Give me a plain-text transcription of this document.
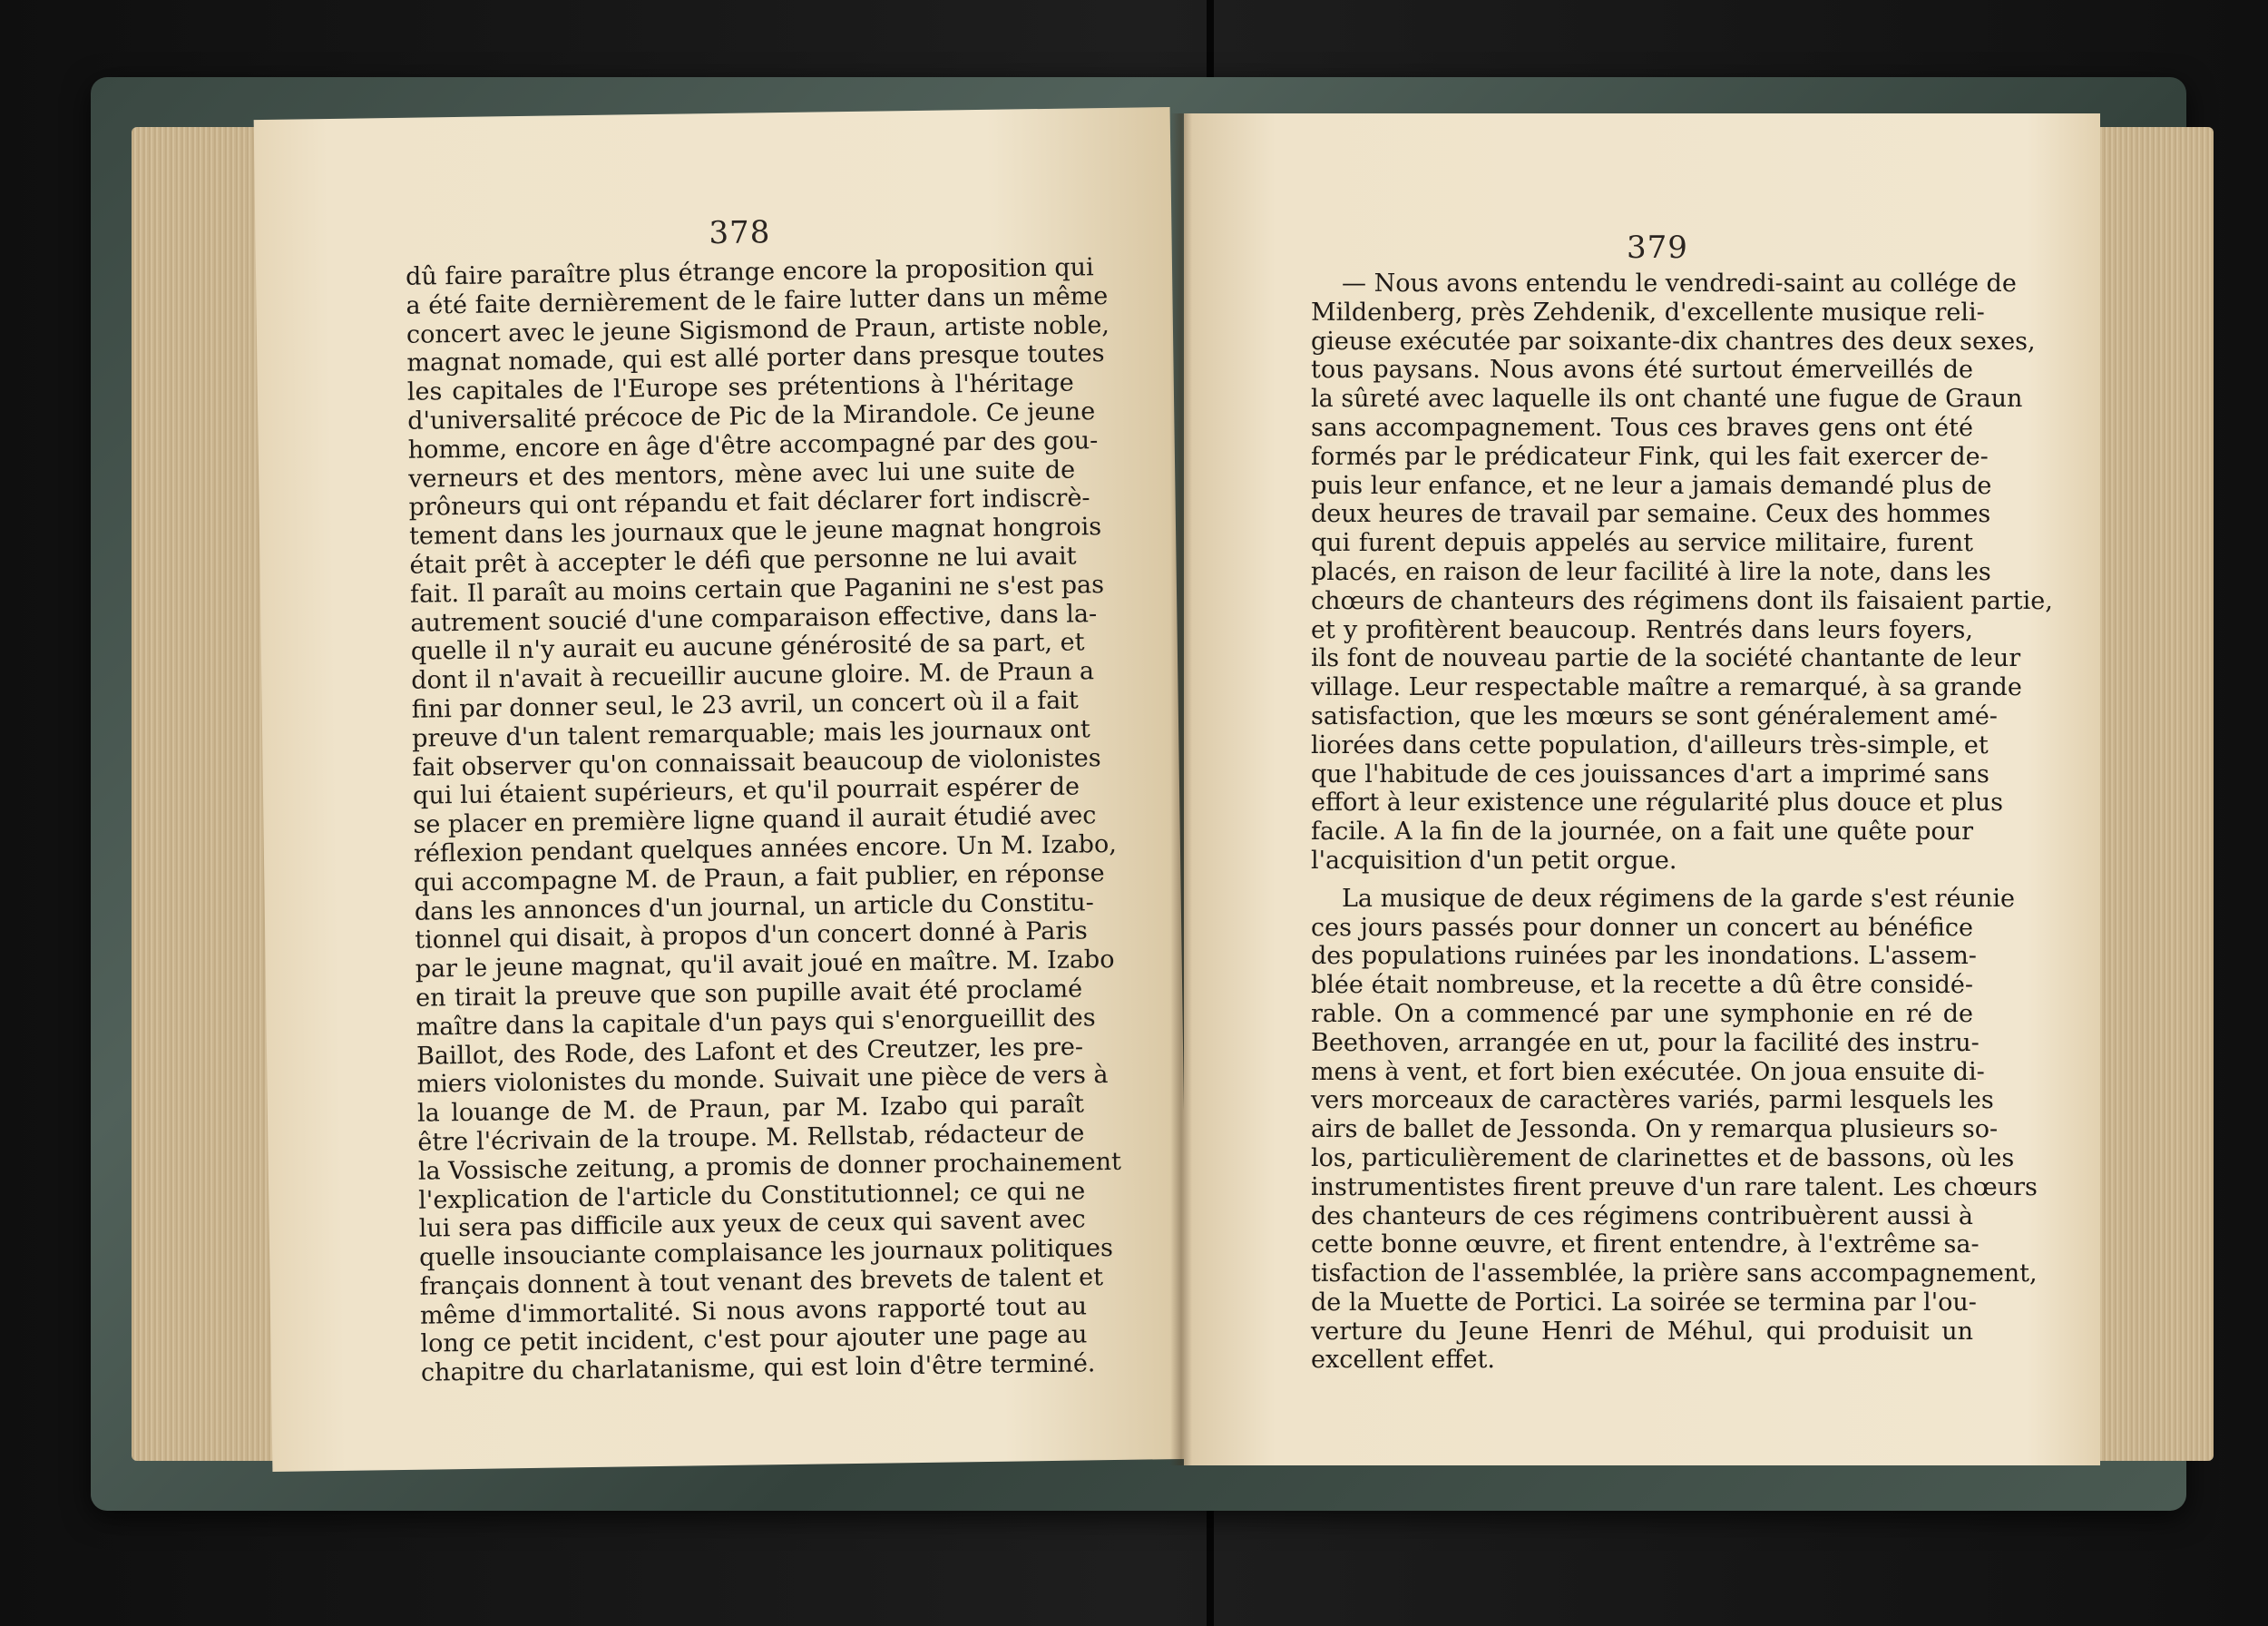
378
dû faire paraître plus étrange encore la proposition qui
a été faite dernièrement de le faire lutter dans un même
concert avec le jeune Sigismond de Praun, artiste noble,
magnat nomade, qui est allé porter dans presque toutes
les capitales de l'Europe ses prétentions à l'héritage
d'universalité précoce de Pic de la Mirandole. Ce jeune
homme, encore en âge d'être accompagné par des gou-
verneurs et des mentors, mène avec lui une suite de
prôneurs qui ont répandu et fait déclarer fort indiscrè-
tement dans les journaux que le jeune magnat hongrois
était prêt à accepter le défi que personne ne lui avait
fait. Il paraît au moins certain que Paganini ne s'est pas
autrement soucié d'une comparaison effective, dans la-
quelle il n'y aurait eu aucune générosité de sa part, et
dont il n'avait à recueillir aucune gloire. M. de Praun a
fini par donner seul, le 23 avril, un concert où il a fait
preuve d'un talent remarquable; mais les journaux ont
fait observer qu'on connaissait beaucoup de violonistes
qui lui étaient supérieurs, et qu'il pourrait espérer de
se placer en première ligne quand il aurait étudié avec
réflexion pendant quelques années encore. Un M. Izabo,
qui accompagne M. de Praun, a fait publier, en réponse
dans les annonces d'un journal, un article du Constitu-
tionnel qui disait, à propos d'un concert donné à Paris
par le jeune magnat, qu'il avait joué en maître. M. Izabo
en tirait la preuve que son pupille avait été proclamé
maître dans la capitale d'un pays qui s'enorgueillit des
Baillot, des Rode, des Lafont et des Creutzer, les pre-
miers violonistes du monde. Suivait une pièce de vers à
la louange de M. de Praun, par M. Izabo qui paraît
être l'écrivain de la troupe. M. Rellstab, rédacteur de
la Vossische zeitung, a promis de donner prochainement
l'explication de l'article du Constitutionnel; ce qui ne
lui sera pas difficile aux yeux de ceux qui savent avec
quelle insouciante complaisance les journaux politiques
français donnent à tout venant des brevets de talent et
même d'immortalité. Si nous avons rapporté tout au
long ce petit incident, c'est pour ajouter une page au
chapitre du charlatanisme, qui est loin d'être terminé.
379
— Nous avons entendu le vendredi-saint au collége de
Mildenberg, près Zehdenik, d'excellente musique reli-
gieuse exécutée par soixante-dix chantres des deux sexes,
tous paysans. Nous avons été surtout émerveillés de
la sûreté avec laquelle ils ont chanté une fugue de Graun
sans accompagnement. Tous ces braves gens ont été
formés par le prédicateur Fink, qui les fait exercer de-
puis leur enfance, et ne leur a jamais demandé plus de
deux heures de travail par semaine. Ceux des hommes
qui furent depuis appelés au service militaire, furent
placés, en raison de leur facilité à lire la note, dans les
chœurs de chanteurs des régimens dont ils faisaient partie,
et y profitèrent beaucoup. Rentrés dans leurs foyers,
ils font de nouveau partie de la société chantante de leur
village. Leur respectable maître a remarqué, à sa grande
satisfaction, que les mœurs se sont généralement amé-
liorées dans cette population, d'ailleurs très-simple, et
que l'habitude de ces jouissances d'art a imprimé sans
effort à leur existence une régularité plus douce et plus
facile. A la fin de la journée, on a fait une quête pour
l'acquisition d'un petit orgue.
La musique de deux régimens de la garde s'est réunie
ces jours passés pour donner un concert au bénéfice
des populations ruinées par les inondations. L'assem-
blée était nombreuse, et la recette a dû être considé-
rable. On a commencé par une symphonie en ré de
Beethoven, arrangée en ut, pour la facilité des instru-
mens à vent, et fort bien exécutée. On joua ensuite di-
vers morceaux de caractères variés, parmi lesquels les
airs de ballet de Jessonda. On y remarqua plusieurs so-
los, particulièrement de clarinettes et de bassons, où les
instrumentistes firent preuve d'un rare talent. Les chœurs
des chanteurs de ces régimens contribuèrent aussi à
cette bonne œuvre, et firent entendre, à l'extrême sa-
tisfaction de l'assemblée, la prière sans accompagnement,
de la Muette de Portici. La soirée se termina par l'ou-
verture du Jeune Henri de Méhul, qui produisit un
excellent effet.
